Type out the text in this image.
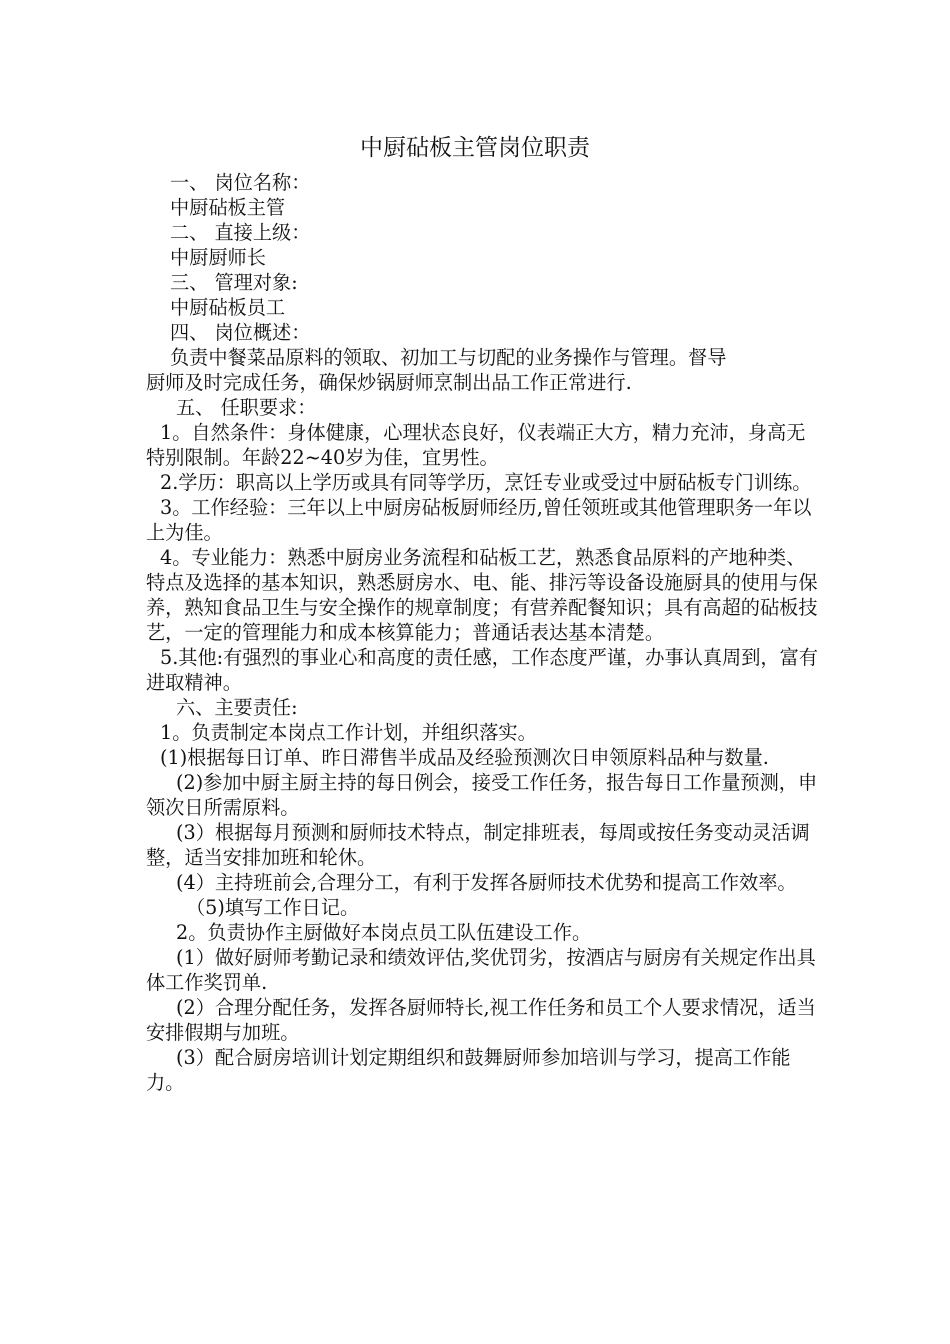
中厨砧板主管岗位职责

一、 岗位名称：

中厨砧板主管

二、 直接上级：

中厨厨师长

三、 管理对象:

中厨砧板员工

四、 岗位概述：

负责中餐菜品原料的领取、初加工与切配的业务操作与管理。督导

厨师及时完成任务，确保炒锅厨师烹制出品工作正常进行.

五、 任职要求：

1。自然条件：身体健康，心理状态良好，仪表端正大方，精力充沛，身高无特别限制。年龄22~40岁为佳，宜男性。

2.学历：职高以上学历或具有同等学历，烹饪专业或受过中厨砧板专门训练。

3。工作经验：三年以上中厨房砧板厨师经历,曾任领班或其他管理职务一年以上为佳。

4。专业能力：熟悉中厨房业务流程和砧板工艺，熟悉食品原料的产地种类、特点及选择的基本知识，熟悉厨房水、电、能、排污等设备设施厨具的使用与保养，熟知食品卫生与安全操作的规章制度；有营养配餐知识；具有高超的砧板技艺，一定的管理能力和成本核算能力；普通话表达基本清楚。

5.其他:有强烈的事业心和高度的责任感，工作态度严谨，办事认真周到，富有进取精神。

六、主要责任:

1。负责制定本岗点工作计划，并组织落实。

(1)根据每日订单、昨日滞售半成品及经验预测次日申领原料品种与数量.

(2)参加中厨主厨主持的每日例会，接受工作任务，报告每日工作量预测，申领次日所需原料。

(3）根据每月预测和厨师技术特点，制定排班表，每周或按任务变动灵活调整，适当安排加班和轮休。

(4）主持班前会,合理分工，有利于发挥各厨师技术优势和提高工作效率。

（5)填写工作日记。

2。负责协作主厨做好本岗点员工队伍建设工作。

(1）做好厨师考勤记录和绩效评估,奖优罚劣，按酒店与厨房有关规定作出具体工作奖罚单.

(2）合理分配任务，发挥各厨师特长,视工作任务和员工个人要求情况，适当安排假期与加班。

(3）配合厨房培训计划定期组织和鼓舞厨师参加培训与学习，提高工作能力。
